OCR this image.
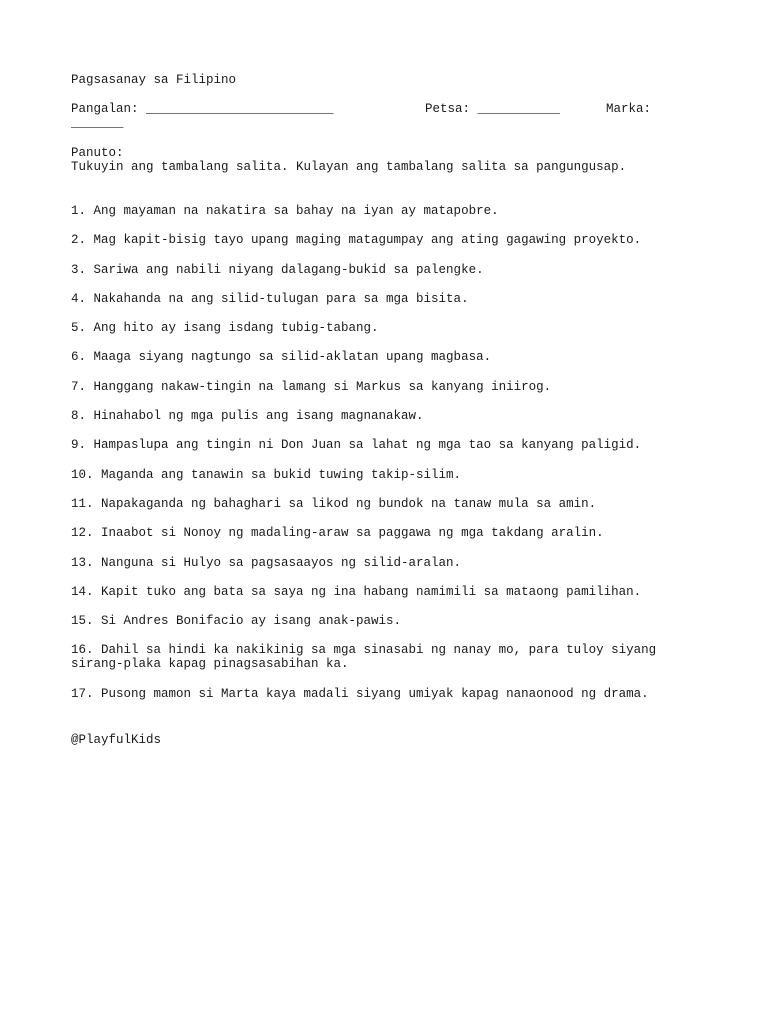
Pagsasanay sa Filipino

Pangalan: _________________________

	Petsa: ___________

	Marka:

_______
Panuto:
Tukuyin ang tambalang salita. Kulayan ang tambalang salita sa pangungusap.
1. Ang mayaman na nakatira sa bahay na iyan ay matapobre.
2. Mag kapit-bisig tayo upang maging matagumpay ang ating gagawing proyekto.
3. Sariwa ang nabili niyang dalagang-bukid sa palengke.
4. Nakahanda na ang silid-tulugan para sa mga bisita.
5. Ang hito ay isang isdang tubig-tabang.
6. Maaga siyang nagtungo sa silid-aklatan upang magbasa.
7. Hanggang nakaw-tingin na lamang si Markus sa kanyang iniirog.
8. Hinahabol ng mga pulis ang isang magnanakaw.
9. Hampaslupa ang tingin ni Don Juan sa lahat ng mga tao sa kanyang paligid.
10. Maganda ang tanawin sa bukid tuwing takip-silim.
11. Napakaganda ng bahaghari sa likod ng bundok na tanaw mula sa amin.
12. Inaabot si Nonoy ng madaling-araw sa paggawa ng mga takdang aralin.
13. Nanguna si Hulyo sa pagsasaayos ng silid-aralan.
14. Kapit tuko ang bata sa saya ng ina habang namimili sa mataong pamilihan.
15. Si Andres Bonifacio ay isang anak-pawis.
16. Dahil sa hindi ka nakikinig sa mga sinasabi ng nanay mo, para tuloy siyang sirang-plaka kapag pinagsasabihan ka.
17. Pusong mamon si Marta kaya madali siyang umiyak kapag nanaonood ng drama.
@PlayfulKids
